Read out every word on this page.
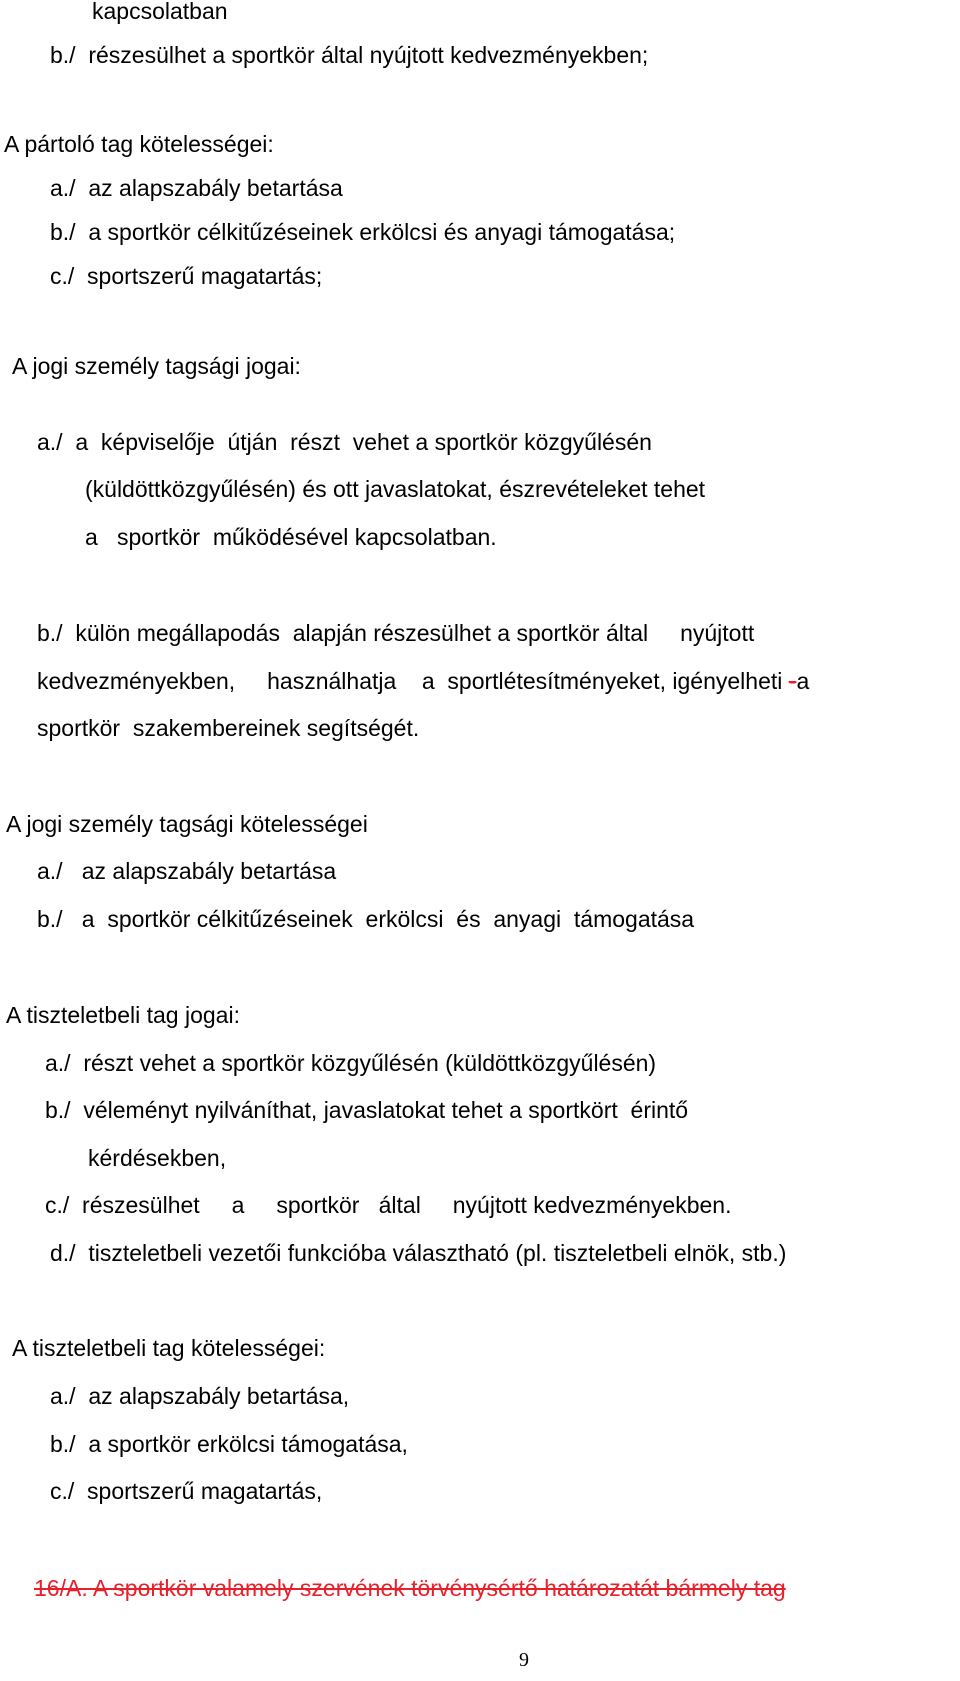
kapcsolatban
b./  részesülhet a sportkör által nyújtott kedvezményekben;
A pártoló tag kötelességei:
a./  az alapszabály betartása
b./  a sportkör célkitűzéseinek erkölcsi és anyagi támogatása;
c./  sportszerű magatartás;
A jogi személy tagsági jogai:
a./  a  képviselője  útján  részt  vehet a sportkör közgyűlésén
(küldöttközgyűlésén) és ott javaslatokat, észrevételeket tehet
a   sportkör  működésével kapcsolatban.
b./  külön megállapodás  alapján részesülhet a sportkör által     nyújtott
kedvezményekben,     használhatja    a  sportlétesítményeket, igényelheti -a
sportkör  szakembereinek segítségét.
A jogi személy tagsági kötelességei
a./   az alapszabály betartása
b./   a  sportkör célkitűzéseinek  erkölcsi  és  anyagi  támogatása
A tiszteletbeli tag jogai:
a./  részt vehet a sportkör közgyűlésén (küldöttközgyűlésén)
b./  véleményt nyilváníthat, javaslatokat tehet a sportkört  érintő
kérdésekben,
c./  részesülhet     a     sportkör   által     nyújtott kedvezményekben.
d./  tiszteletbeli vezetői funkcióba választható (pl. tiszteletbeli elnök, stb.)
A tiszteletbeli tag kötelességei:
a./  az alapszabály betartása,
b./  a sportkör erkölcsi támogatása,
c./  sportszerű magatartás,
16/A. A sportkör valamely szervének törvénysértő határozatát bármely tag
9
